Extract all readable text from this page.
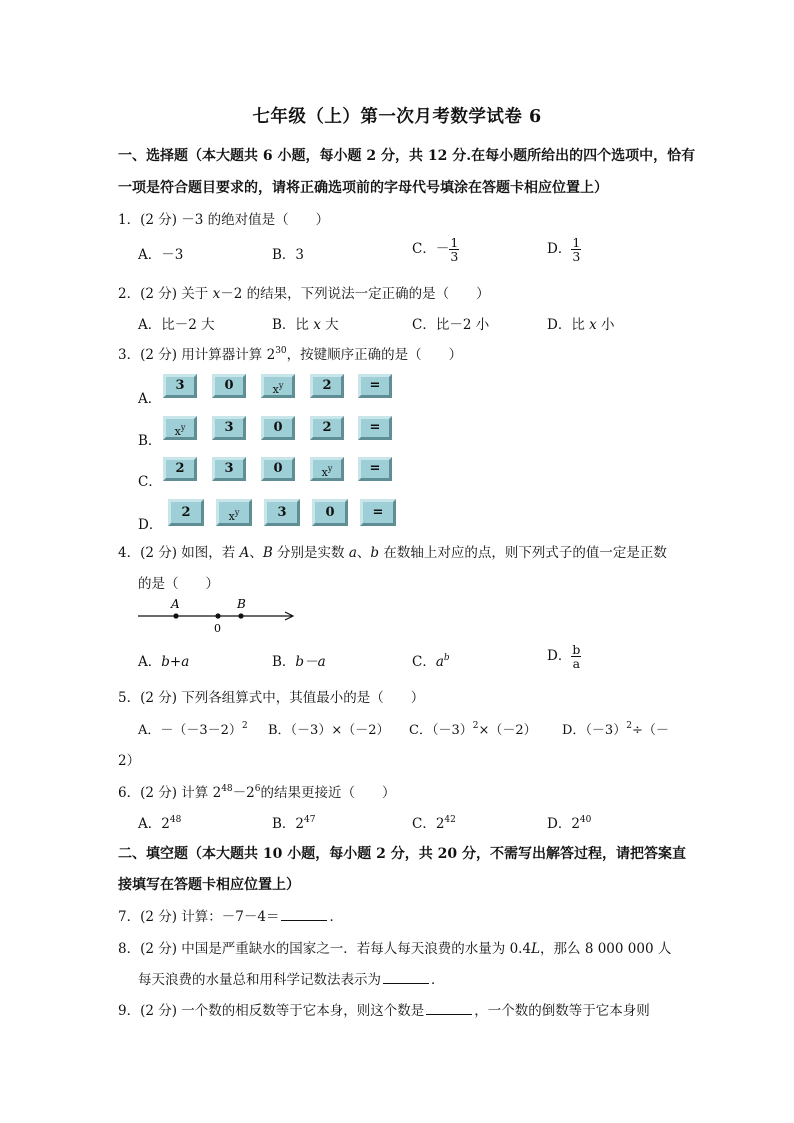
七年级（上）第一次月考数学试卷 6
一、选择题（本大题共 6 小题，每小题 2 分，共 12 分.在每小题所给出的四个选项中，恰有
一项是符合题目要求的，请将正确选项前的字母代号填涂在答题卡相应位置上）
1．(2 分) －3 的绝对值是（　　）
A．－3	B．3	C．－ $\frac{1}{3}$	D． $\frac{1}{3}$
2．(2 分) 关于 x－2 的结果，下列说法一定正确的是（　　）
A．比－2 大	B．比 x 大	C．比－2 小	D．比 x 小
3．(2 分) 用计算器计算 $2^{30}$，按键顺序正确的是（　　）
A．
3	0	$x^y$	2	=
B．
$x^y$	3	0	2	=
C．
2	3	0	$x^y$	=
D．
2	$x^y$	3	0	=
4．(2 分) 如图，若 A、B 分别是实数 a、b 在数轴上对应的点，则下列式子的值一定是正数
的是（　　）
A	B
0
A．b+a	B．b－a	C．$a^b$	D． $\frac{b}{a}$
5．(2 分) 下列各组算式中，其值最小的是（　　）
A．$-(-3-2)^2$ B．（－3）×（－2） C．$(-3)^2\times(-2)$ D．$(-3)^2\div(-$
2）
6．(2 分) 计算 $2^{48}-2^6$的结果更接近（　　）
A．$2^{48}$	B．$2^{47}$	C．$2^{42}$	D．$2^{40}$
二、填空题（本大题共 10 小题，每小题 2 分，共 20 分，不需写出解答过程，请把答案直
接填写在答题卡相应位置上）
7．(2 分) 计算：－7－4＝	．
8．(2 分) 中国是严重缺水的国家之一．若每人每天浪费的水量为 0.4L，那么 8 000 000 人
每天浪费的水量总和用科学记数法表示为	．
9．(2 分) 一个数的相反数等于它本身，则这个数是	，一个数的倒数等于它本身则
